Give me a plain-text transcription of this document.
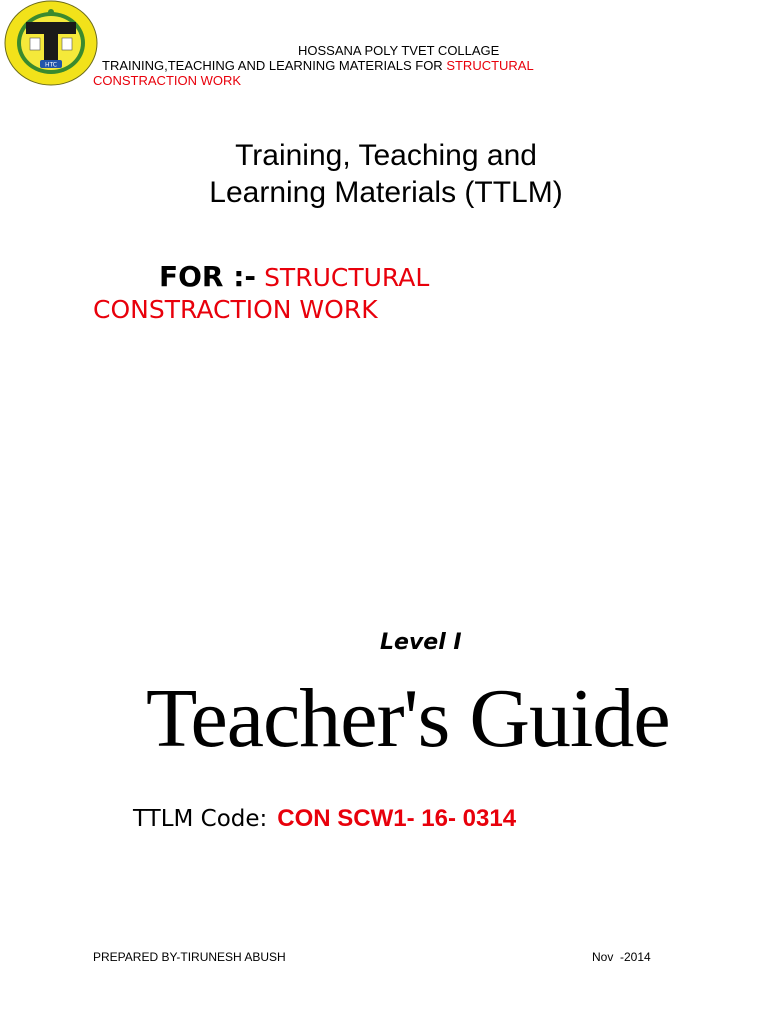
HTC
HOSSANA POLY TVET COLLAGE
TRAINING,TEACHING AND LEARNING MATERIALS FOR STRUCTURAL
CONSTRACTION WORK
Training, Teaching and
Learning Materials (TTLM)
FOR :- STRUCTURAL
CONSTRACTION WORK
Level I
Teacher's Guide
TTLM Code: CON SCW1- 16- 0314
PREPARED BY-TIRUNESH ABUSH	Nov  -2014
